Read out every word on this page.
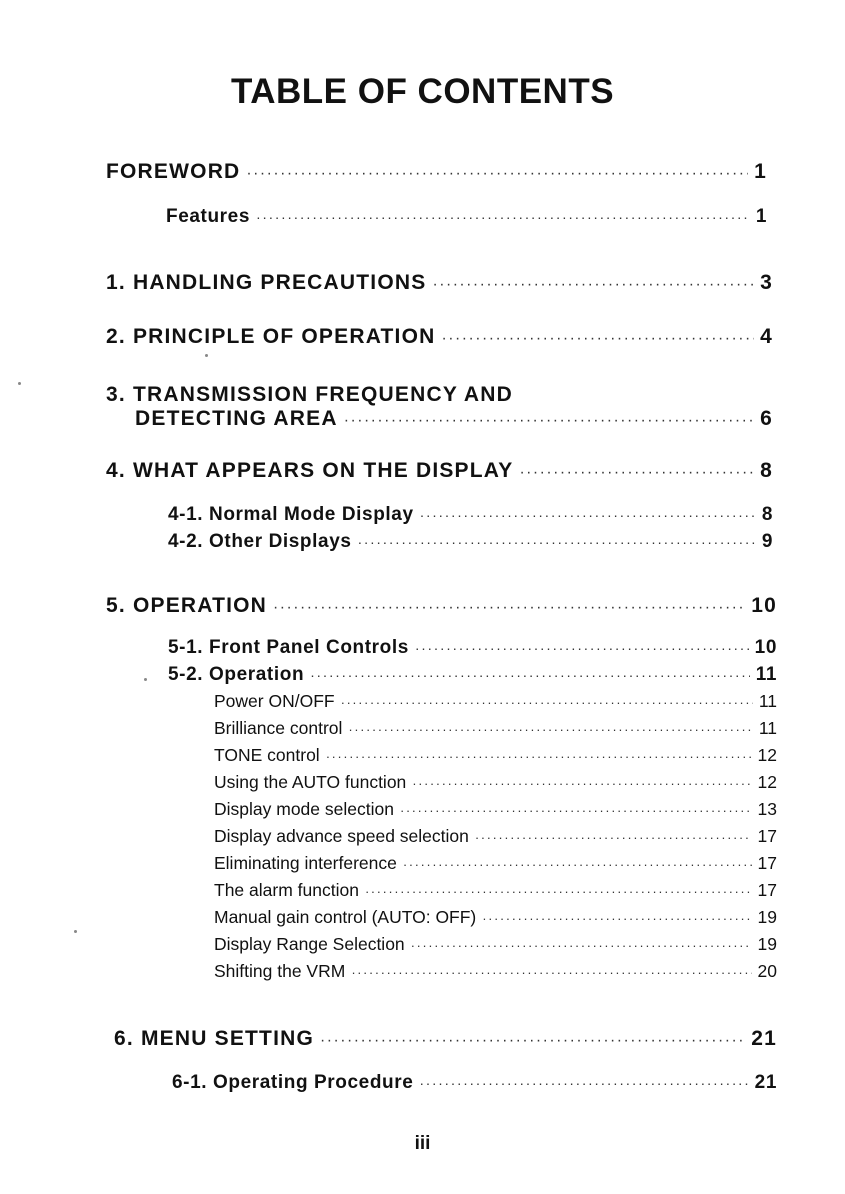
TABLE OF CONTENTS
FOREWORD ·····	1
Features ·····	1
1. HANDLING PRECAUTIONS ·····	3
2. PRINCIPLE OF OPERATION ·····	4
3. TRANSMISSION FREQUENCY AND
DETECTING AREA ·····	6
4. WHAT APPEARS ON THE DISPLAY ·····	8
4-1. Normal Mode Display ·····	8
4-2. Other Displays ·····	9
5. OPERATION ·····	10
5-1. Front Panel Controls ·····	10
5-2. Operation ·····	11
Power ON/OFF ·····	11
Brilliance control ·····	11
TONE control ·····	12
Using the AUTO function ·····	12
Display mode selection ·····	13
Display advance speed selection ·····	17
Eliminating interference ·····	17
The alarm function ·····	17
Manual gain control (AUTO: OFF) ·····	19
Display Range Selection ·····	19
Shifting the VRM ·····	20
6. MENU SETTING ·····	21
6-1. Operating Procedure ·····	21
iii
